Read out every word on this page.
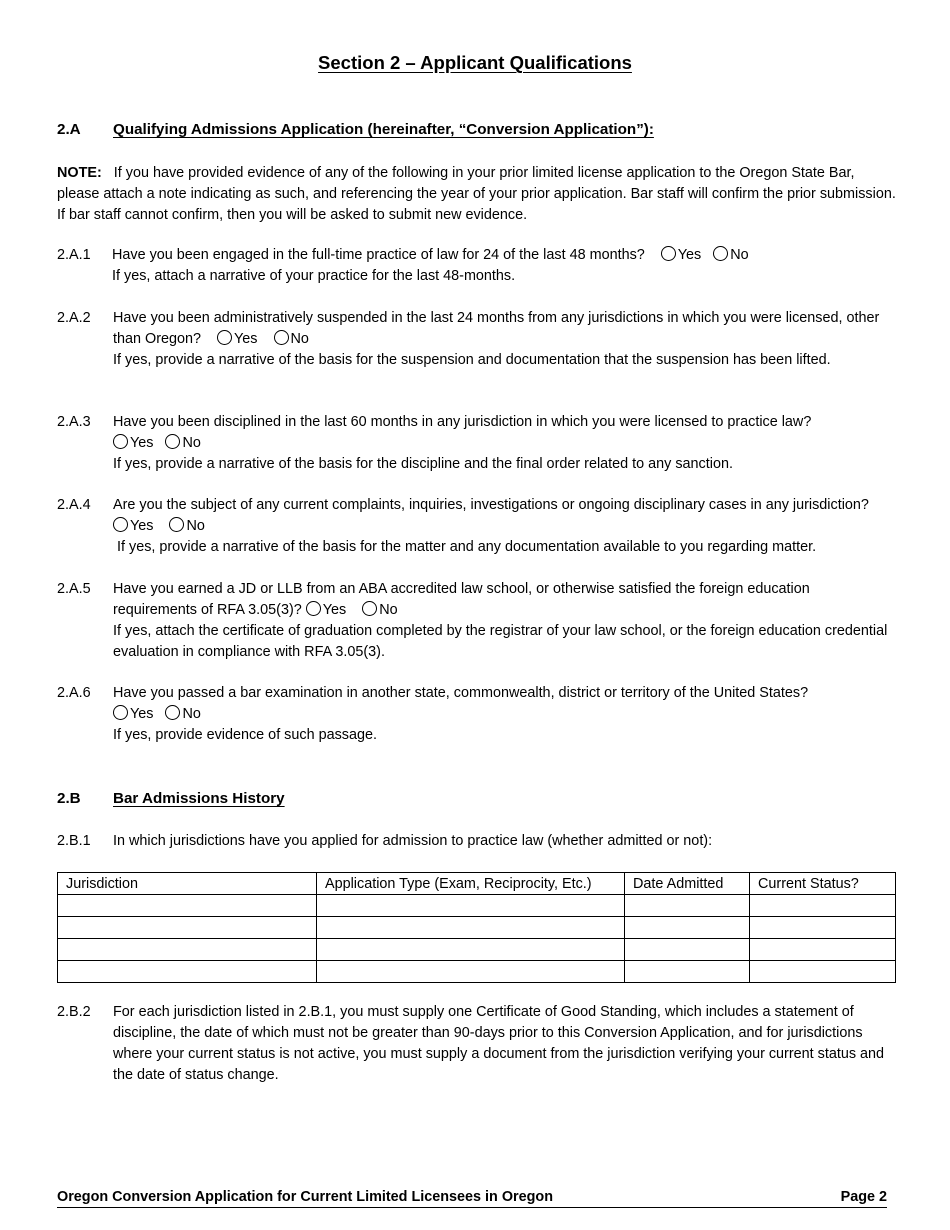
Section 2 – Applicant Qualifications
2.A Qualifying Admissions Application (hereinafter, “Conversion Application”):
NOTE: If you have provided evidence of any of the following in your prior limited license application to the Oregon State Bar, please attach a note indicating as such, and referencing the year of your prior application. Bar staff will confirm the prior submission. If bar staff cannot confirm, then you will be asked to submit new evidence.
2.A.1 Have you been engaged in the full-time practice of law for 24 of the last 48 months? Yes No
If yes, attach a narrative of your practice for the last 48-months.
2.A.2 Have you been administratively suspended in the last 24 months from any jurisdictions in which you were licensed, other than Oregon? Yes No
If yes, provide a narrative of the basis for the suspension and documentation that the suspension has been lifted.
2.A.3 Have you been disciplined in the last 60 months in any jurisdiction in which you were licensed to practice law?
Yes No
If yes, provide a narrative of the basis for the discipline and the final order related to any sanction.
2.A.4 Are you the subject of any current complaints, inquiries, investigations or ongoing disciplinary cases in any jurisdiction? Yes No
If yes, provide a narrative of the basis for the matter and any documentation available to you regarding matter.
2.A.5 Have you earned a JD or LLB from an ABA accredited law school, or otherwise satisfied the foreign education requirements of RFA 3.05(3)? Yes No
If yes, attach the certificate of graduation completed by the registrar of your law school, or the foreign education credential evaluation in compliance with RFA 3.05(3).
2.A.6 Have you passed a bar examination in another state, commonwealth, district or territory of the United States?
Yes No
If yes, provide evidence of such passage.
2.B Bar Admissions History
2.B.1 In which jurisdictions have you applied for admission to practice law (whether admitted or not):
Jurisdiction	Application Type (Exam, Reciprocity, Etc.)	Date Admitted	Current Status?

2.B.2 For each jurisdiction listed in 2.B.1, you must supply one Certificate of Good Standing, which includes a statement of discipline, the date of which must not be greater than 90-days prior to this Conversion Application, and for jurisdictions where your current status is not active, you must supply a document from the jurisdiction verifying your current status and the date of status change.
Oregon Conversion Application for Current Limited Licensees in Oregon	Page 2
